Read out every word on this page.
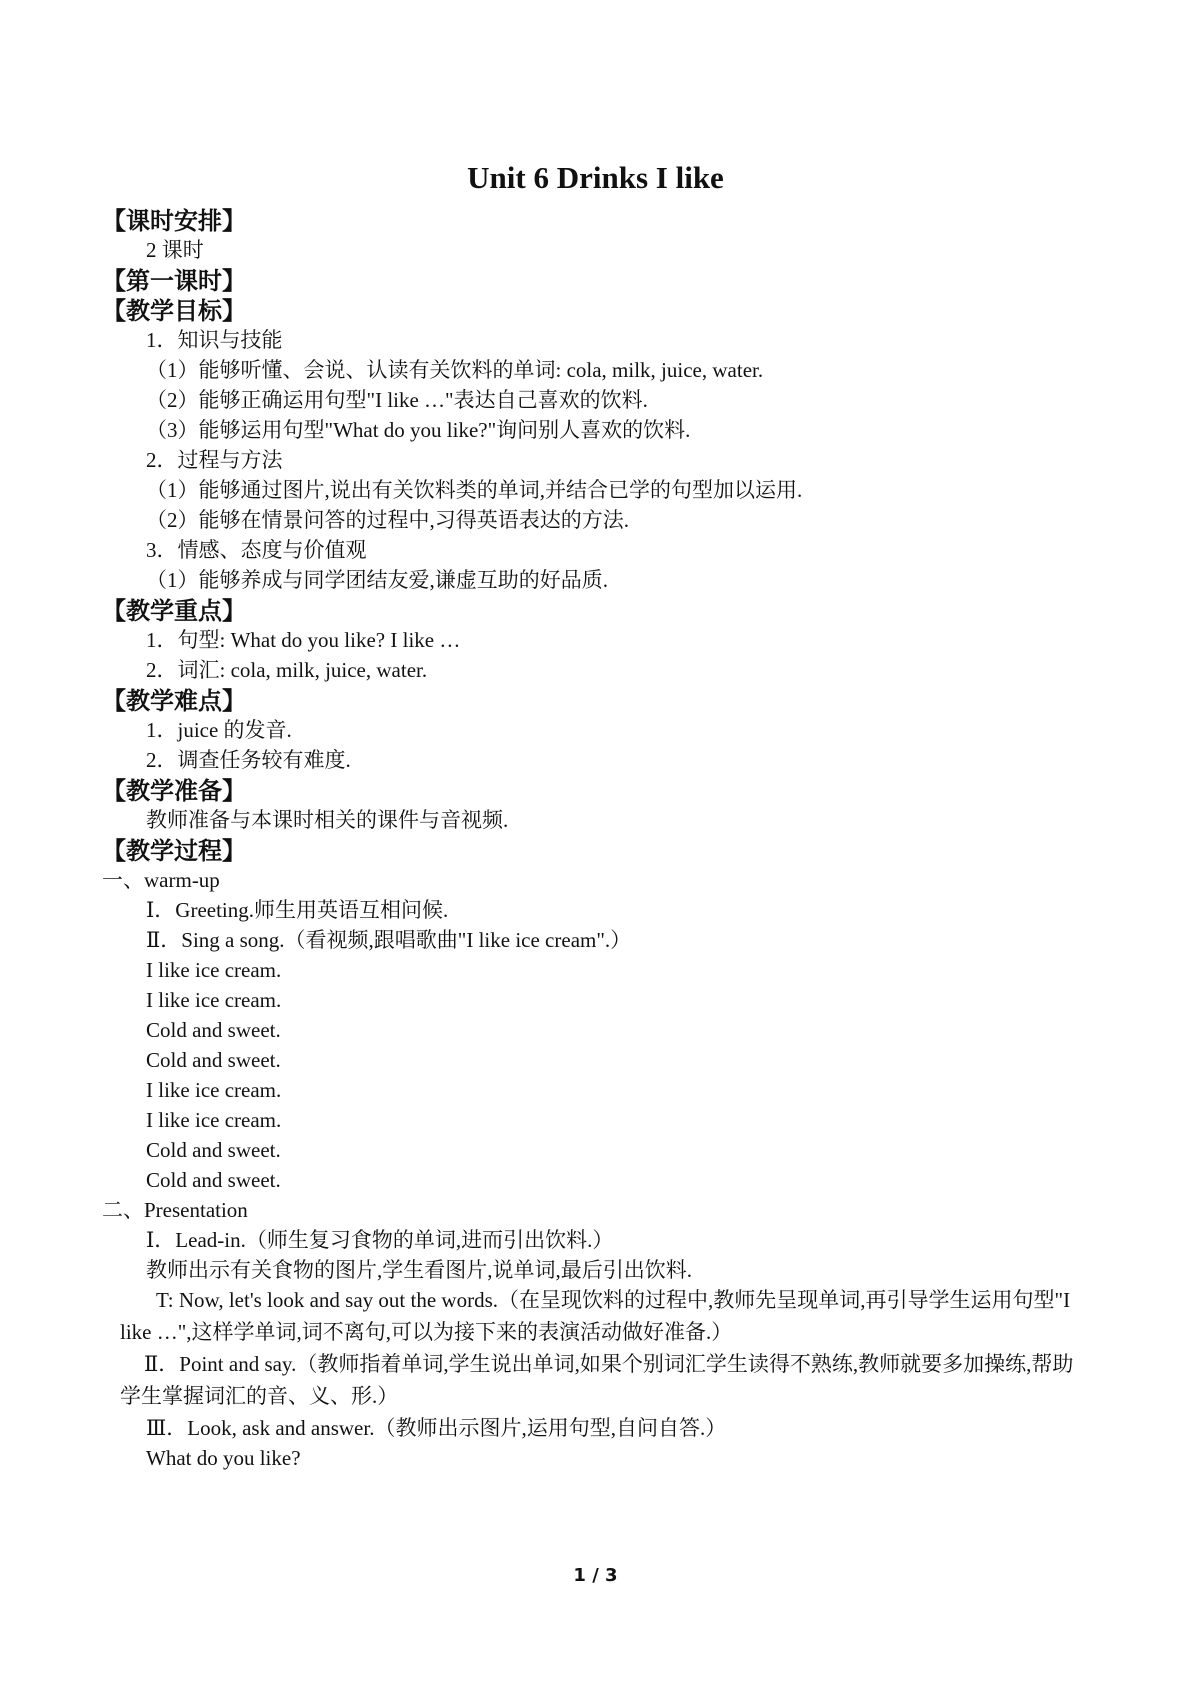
Unit 6 Drinks I like
【课时安排】
2 课时
【第一课时】
【教学目标】
1．知识与技能
（1）能够听懂、会说、认读有关饮料的单词: cola, milk, juice, water.
（2）能够正确运用句型"I like …"表达自己喜欢的饮料.
（3）能够运用句型"What do you like?"询问别人喜欢的饮料.
2．过程与方法
（1）能够通过图片,说出有关饮料类的单词,并结合已学的句型加以运用.
（2）能够在情景问答的过程中,习得英语表达的方法.
3．情感、态度与价值观
（1）能够养成与同学团结友爱,谦虚互助的好品质.
【教学重点】
1．句型: What do you like? I like …
2．词汇: cola, milk, juice, water.
【教学难点】
1．juice 的发音.
2．调查任务较有难度.
【教学准备】
教师准备与本课时相关的课件与音视频.
【教学过程】
一、warm-up
Ⅰ．Greeting.师生用英语互相问候.
Ⅱ．Sing a song.（看视频,跟唱歌曲"I like ice cream".）
I like ice cream.
I like ice cream.
Cold and sweet.
Cold and sweet.
I like ice cream.
I like ice cream.
Cold and sweet.
Cold and sweet.
二、Presentation
Ⅰ．Lead-in.（师生复习食物的单词,进而引出饮料.）
教师出示有关食物的图片,学生看图片,说单词,最后引出饮料.
T: Now, let's look and say out the words.（在呈现饮料的过程中,教师先呈现单词,再引导学生运用句型"I like …",这样学单词,词不离句,可以为接下来的表演活动做好准备.）
Ⅱ．Point and say.（教师指着单词,学生说出单词,如果个别词汇学生读得不熟练,教师就要多加操练,帮助学生掌握词汇的音、义、形.）
Ⅲ．Look, ask and answer.（教师出示图片,运用句型,自问自答.）
What do you like?
1 / 3
